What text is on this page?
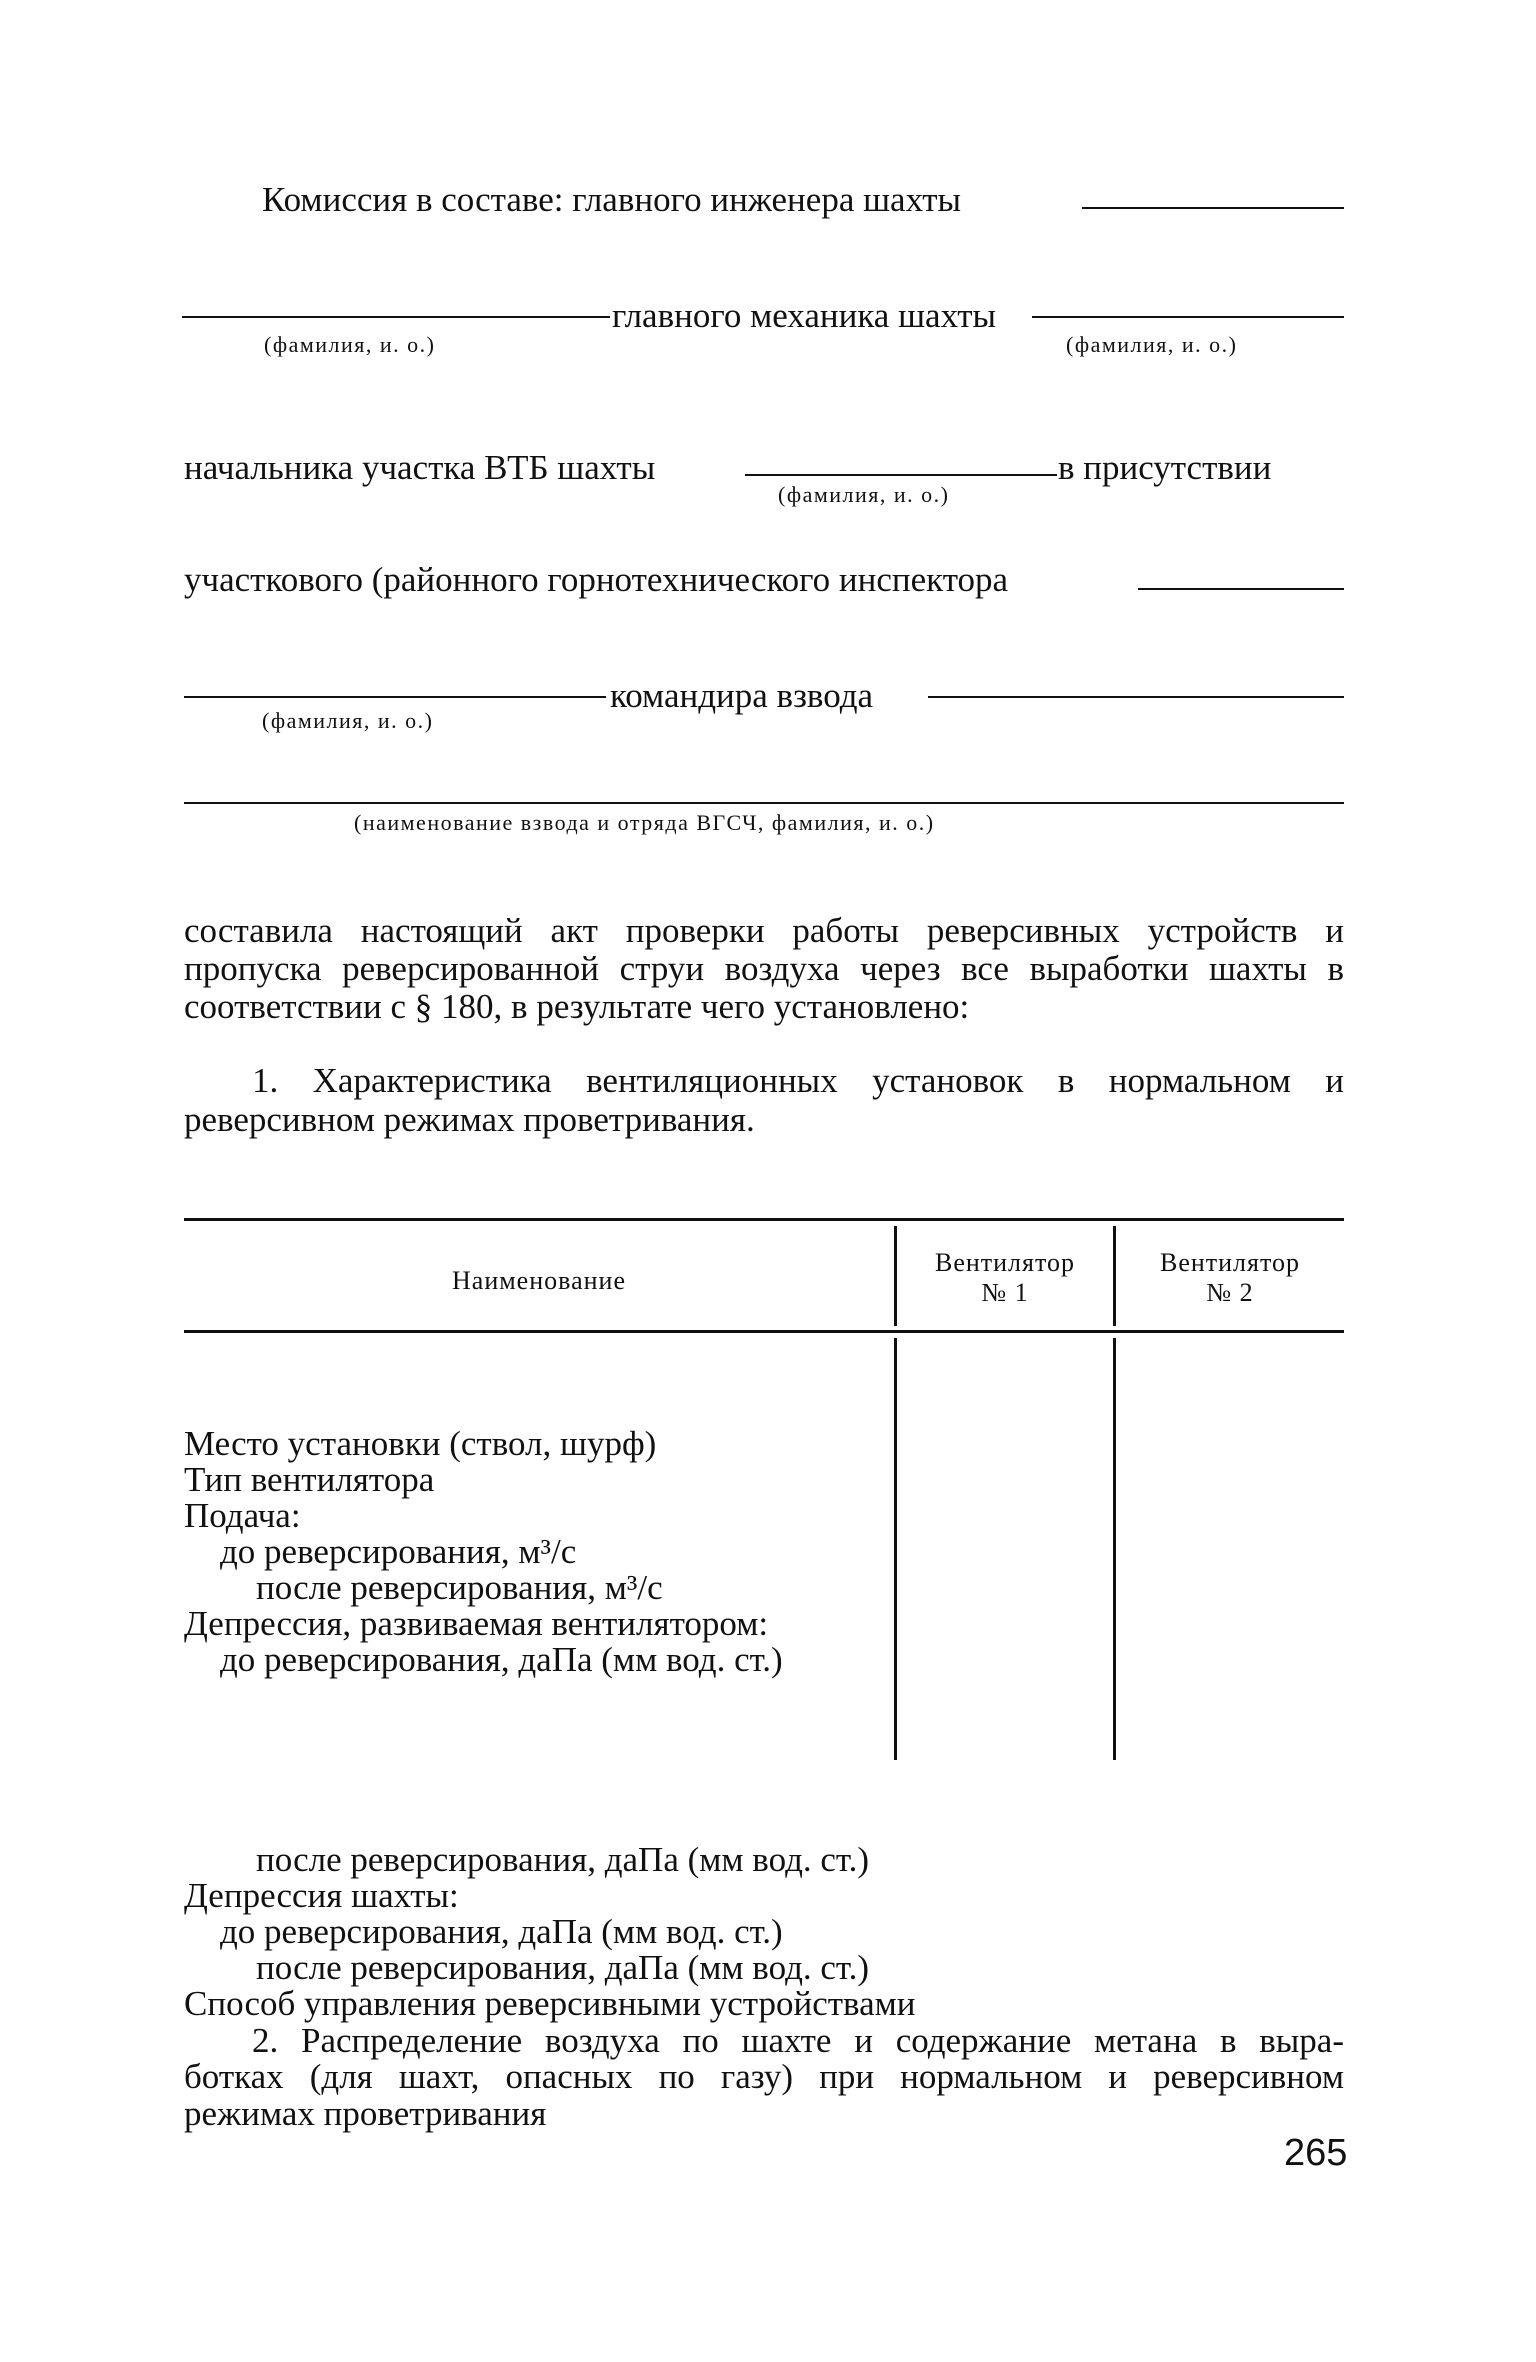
Комиссия в составе: главного инженера шахты
(фамилия, и. о.)
главного механика шахты
(фамилия, и. о.)
начальника участка ВТБ шахты
(фамилия, и. о.)
в присутствии
участкового (районного горнотехнического инспектора
(фамилия, и. о.)
командира взвода
(наименование взвода и отряда ВГСЧ, фамилия, и. о.)
составила настоящий акт проверки работы реверсивных устройств и пропуска реверсированной струи воздуха через все выработки шахты в соответствии с § 180, в результате чего установлено:
1. Характеристика вентиляционных установок в нормальном и
реверсивном режимах проветривания.
Наименование
Вентилятор
№ 1
Вентилятор
№ 2
Место установки (ствол, шурф)
Тип вентилятора
Подача:
до реверсирования, м³/с
после реверсирования, м³/с
Депрессия, развиваемая вентилятором:
до реверсирования, даПа (мм вод. ст.)
после реверсирования, даПа (мм вод. ст.)
Депрессия шахты:
до реверсирования, даПа (мм вод. ст.)
после реверсирования, даПа (мм вод. ст.)
Способ управления реверсивными устройствами
2. Распределение воздуха по шахте и содержание метана в выра-
ботках (для шахт, опасных по газу) при нормальном и реверсивном
режимах проветривания
265
